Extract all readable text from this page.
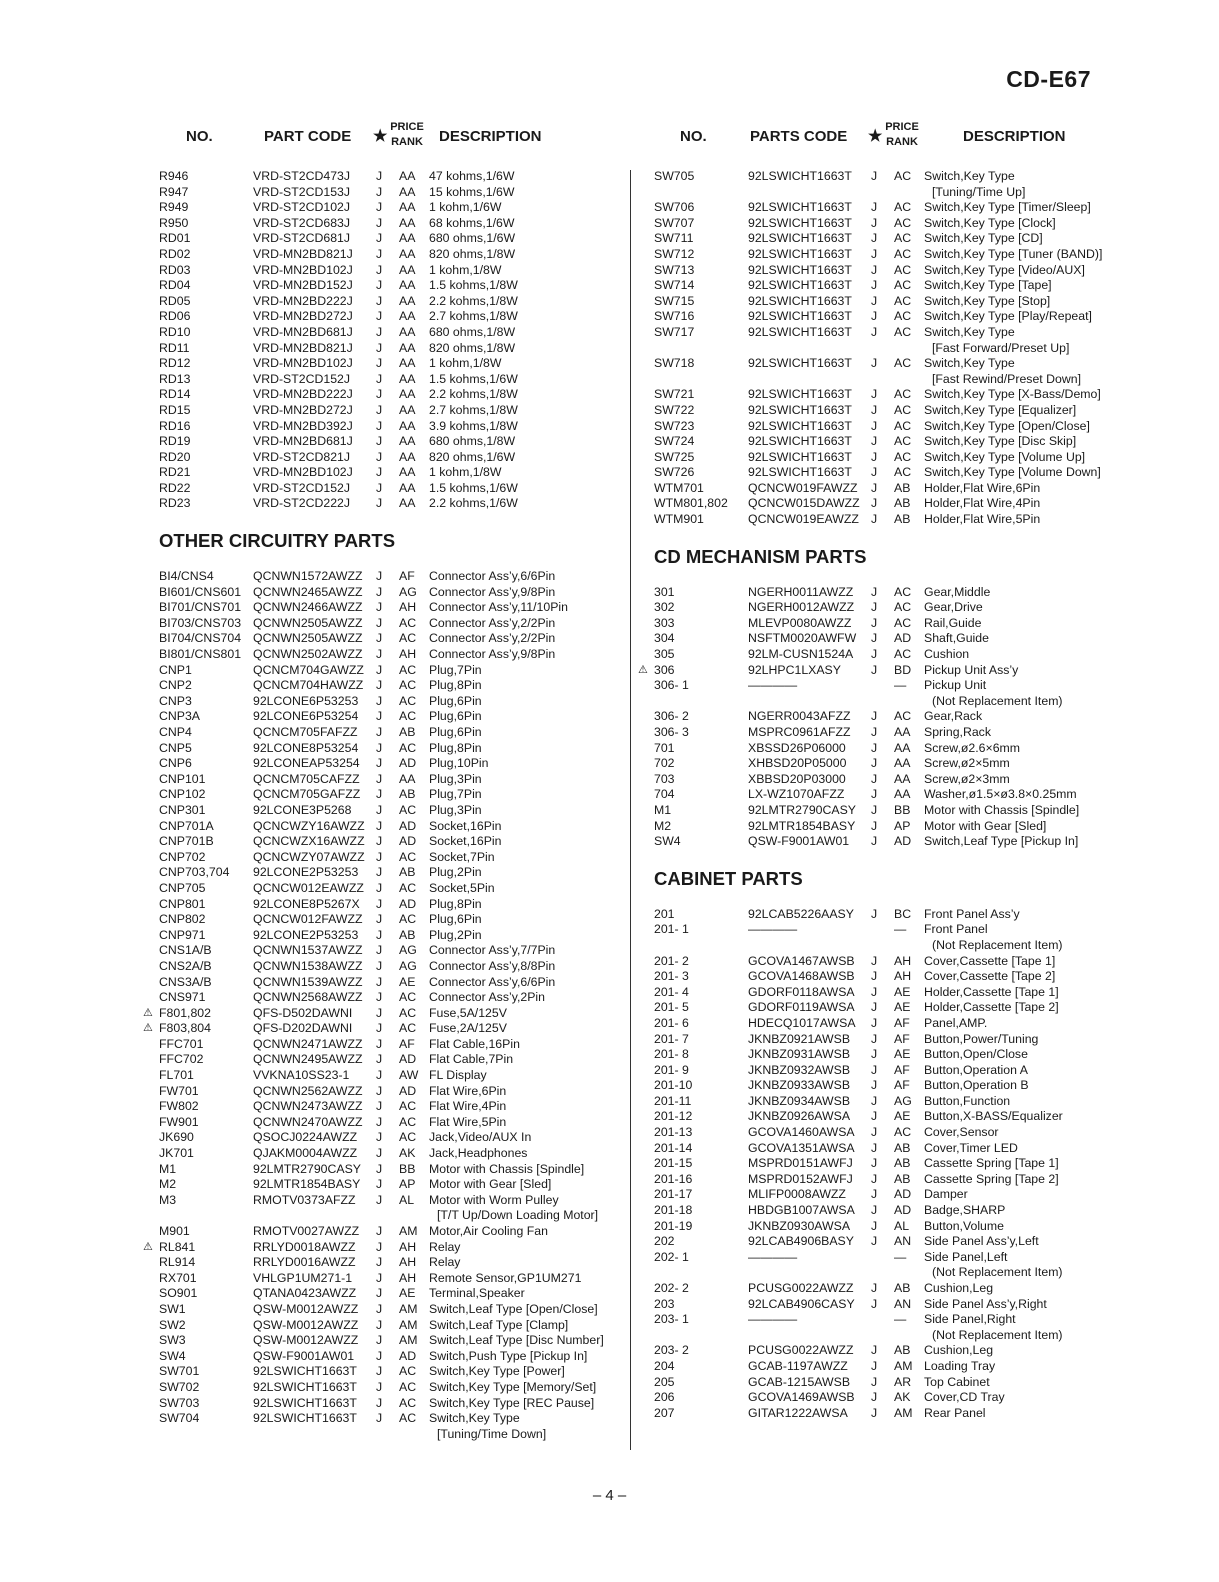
CD-E67
NO.	PART CODE ★
PRICE
RANK DESCRIPTION
R946	VRD-ST2CD473J J AA 47 kohms,1/6W
R947	VRD-ST2CD153J J AA 15 kohms,1/6W
R949	VRD-ST2CD102J J AA 1 kohm,1/6W
R950	VRD-ST2CD683J J AA 68 kohms,1/6W
RD01	VRD-ST2CD681J J AA 680 ohms,1/6W
RD02	VRD-MN2BD821J J AA 820 ohms,1/8W
RD03	VRD-MN2BD102J J AA 1 kohm,1/8W
RD04	VRD-MN2BD152J J AA 1.5 kohms,1/8W
RD05	VRD-MN2BD222J J AA 2.2 kohms,1/8W
RD06	VRD-MN2BD272J J AA 2.7 kohms,1/8W
RD10	VRD-MN2BD681J J AA 680 ohms,1/8W
RD11	VRD-MN2BD821J J AA 820 ohms,1/8W
RD12	VRD-MN2BD102J J AA 1 kohm,1/8W
RD13	VRD-ST2CD152J J AA 1.5 kohms,1/6W
RD14	VRD-MN2BD222J J AA 2.2 kohms,1/8W
RD15	VRD-MN2BD272J J AA 2.7 kohms,1/8W
RD16	VRD-MN2BD392J J AA 3.9 kohms,1/8W
RD19	VRD-MN2BD681J J AA 680 ohms,1/8W
RD20	VRD-ST2CD821J J AA 820 ohms,1/6W
RD21	VRD-MN2BD102J J AA 1 kohm,1/8W
RD22	VRD-ST2CD152J J AA 1.5 kohms,1/6W
RD23	VRD-ST2CD222J J AA 2.2 kohms,1/6W
OTHER CIRCUITRY PARTS
BI4/CNS4	QCNWN1572AWZZ J AF Connector Ass’y,6/6Pin
BI601/CNS601 QCNWN2465AWZZ J AG Connector Ass’y,9/8Pin
BI701/CNS701 QCNWN2466AWZZ J AH Connector Ass’y,11/10Pin
BI703/CNS703 QCNWN2505AWZZ J AC Connector Ass’y,2/2Pin
BI704/CNS704 QCNWN2505AWZZ J AC Connector Ass’y,2/2Pin
BI801/CNS801 QCNWN2502AWZZ J AH Connector Ass’y,9/8Pin
CNP1	QCNCM704GAWZZ J AC Plug,7Pin
CNP2	QCNCM704HAWZZ J AC Plug,8Pin
CNP3	92LCONE6P53253 J AC Plug,6Pin
CNP3A	92LCONE6P53254 J AC Plug,6Pin
CNP4	QCNCM705FAFZZ J AB Plug,6Pin
CNP5	92LCONE8P53254 J AC Plug,8Pin
CNP6	92LCONEAP53254 J AD Plug,10Pin
CNP101	QCNCM705CAFZZ J AA Plug,3Pin
CNP102	QCNCM705GAFZZ J AB Plug,7Pin
CNP301	92LCONE3P5268 J AC Plug,3Pin
CNP701A	QCNCWZY16AWZZ J AD Socket,16Pin
CNP701B	QCNCWZX16AWZZ J AD Socket,16Pin
CNP702	QCNCWZY07AWZZ J AC Socket,7Pin
CNP703,704 92LCONE2P53253 J AB Plug,2Pin
CNP705	QCNCW012EAWZZ J AC Socket,5Pin
CNP801	92LCONE8P5267X J AD Plug,8Pin
CNP802	QCNCW012FAWZZ J AC Plug,6Pin
CNP971	92LCONE2P53253 J AB Plug,2Pin
CNS1A/B	QCNWN1537AWZZ J AG Connector Ass’y,7/7Pin
CNS2A/B	QCNWN1538AWZZ J AG Connector Ass’y,8/8Pin
CNS3A/B	QCNWN1539AWZZ J AE Connector Ass’y,6/6Pin
CNS971	QCNWN2568AWZZ J AC Connector Ass’y,2Pin
⚠ F801,802	QFS-D502DAWNI J AC Fuse,5A/125V
⚠ F803,804	QFS-D202DAWNI J AC Fuse,2A/125V
FFC701	QCNWN2471AWZZ J AF Flat Cable,16Pin
FFC702	QCNWN2495AWZZ J AD Flat Cable,7Pin
FL701	VVKNA10SS23-1 J AW FL Display
FW701	QCNWN2562AWZZ J AD Flat Wire,6Pin
FW802	QCNWN2473AWZZ J AC Flat Wire,4Pin
FW901	QCNWN2470AWZZ J AC Flat Wire,5Pin
JK690	QSOCJ0224AWZZ J AC Jack,Video/AUX In
JK701	QJAKM0004AWZZ J AK Jack,Headphones
M1	92LMTR2790CASY J BB Motor with Chassis [Spindle]
M2	92LMTR1854BASY J AP Motor with Gear [Sled]
M3	RMOTV0373AFZZ J AL Motor with Worm Pulley
[T/T Up/Down Loading Motor]
M901	RMOTV0027AWZZ J AM Motor,Air Cooling Fan
⚠ RL841	RRLYD0018AWZZ J AH Relay
RL914	RRLYD0016AWZZ J AH Relay
RX701	VHLGP1UM271-1 J AH Remote Sensor,GP1UM271
SO901	QTANA0423AWZZ J AE Terminal,Speaker
SW1	QSW-M0012AWZZ J AM Switch,Leaf Type [Open/Close]
SW2	QSW-M0012AWZZ J AM Switch,Leaf Type [Clamp]
SW3	QSW-M0012AWZZ J AM Switch,Leaf Type [Disc Number]
SW4	QSW-F9001AW01 J AD Switch,Push Type [Pickup In]
SW701	92LSWICHT1663T J AC Switch,Key Type [Power]
SW702	92LSWICHT1663T J AC Switch,Key Type [Memory/Set]
SW703	92LSWICHT1663T J AC Switch,Key Type [REC Pause]
SW704	92LSWICHT1663T J AC Switch,Key Type
[Tuning/Time Down]
NO.	PARTS CODE ★
PRICE
RANK	DESCRIPTION
SW705	92LSWICHT1663T J AC Switch,Key Type
[Tuning/Time Up]
SW706	92LSWICHT1663T J AC Switch,Key Type [Timer/Sleep]
SW707	92LSWICHT1663T J AC Switch,Key Type [Clock]
SW711	92LSWICHT1663T J AC Switch,Key Type [CD]
SW712	92LSWICHT1663T J AC Switch,Key Type [Tuner (BAND)]
SW713	92LSWICHT1663T J AC Switch,Key Type [Video/AUX]
SW714	92LSWICHT1663T J AC Switch,Key Type [Tape]
SW715	92LSWICHT1663T J AC Switch,Key Type [Stop]
SW716	92LSWICHT1663T J AC Switch,Key Type [Play/Repeat]
SW717	92LSWICHT1663T J AC Switch,Key Type
[Fast Forward/Preset Up]
SW718	92LSWICHT1663T J AC Switch,Key Type
[Fast Rewind/Preset Down]
SW721	92LSWICHT1663T J AC Switch,Key Type [X-Bass/Demo]
SW722	92LSWICHT1663T J AC Switch,Key Type [Equalizer]
SW723	92LSWICHT1663T J AC Switch,Key Type [Open/Close]
SW724	92LSWICHT1663T J AC Switch,Key Type [Disc Skip]
SW725	92LSWICHT1663T J AC Switch,Key Type [Volume Up]
SW726	92LSWICHT1663T J AC Switch,Key Type [Volume Down]
WTM701	QCNCW019FAWZZ J AB Holder,Flat Wire,6Pin
WTM801,802 QCNCW015DAWZZ J AB Holder,Flat Wire,4Pin
WTM901	QCNCW019EAWZZ J AB Holder,Flat Wire,5Pin
CD MECHANISM PARTS
301	NGERH0011AWZZ J AC Gear,Middle
302	NGERH0012AWZZ J AC Gear,Drive
303	MLEVP0080AWZZ J AC Rail,Guide
304	NSFTM0020AWFW J AD Shaft,Guide
305	92LM-CUSN1524A J AC Cushion
⚠ 306	92LHPC1LXASY J BD Pickup Unit Ass’y
306- 1	————	— Pickup Unit
(Not Replacement Item)
306- 2	NGERR0043AFZZ J AC Gear,Rack
306- 3	MSPRC0961AFZZ J AA Spring,Rack
701	XBSSD26P06000 J AA Screw,ø2.6×6mm
702	XHBSD20P05000 J AA Screw,ø2×5mm
703	XBBSD20P03000 J AA Screw,ø2×3mm
704	LX-WZ1070AFZZ J AA Washer,ø1.5×ø3.8×0.25mm
M1	92LMTR2790CASY J BB Motor with Chassis [Spindle]
M2	92LMTR1854BASY J AP Motor with Gear [Sled]
SW4	QSW-F9001AW01 J AD Switch,Leaf Type [Pickup In]
CABINET PARTS
201	92LCAB5226AASY J BC Front Panel Ass’y
201- 1	————	— Front Panel
(Not Replacement Item)
201- 2	GCOVA1467AWSB J AH Cover,Cassette [Tape 1]
201- 3	GCOVA1468AWSB J AH Cover,Cassette [Tape 2]
201- 4	GDORF0118AWSA J AE Holder,Cassette [Tape 1]
201- 5	GDORF0119AWSA J AE Holder,Cassette [Tape 2]
201- 6	HDECQ1017AWSA J AF Panel,AMP.
201- 7	JKNBZ0921AWSB J AF Button,Power/Tuning
201- 8	JKNBZ0931AWSB J AE Button,Open/Close
201- 9	JKNBZ0932AWSB J AF Button,Operation A
201-10	JKNBZ0933AWSB J AF Button,Operation B
201-11	JKNBZ0934AWSB J AG Button,Function
201-12	JKNBZ0926AWSA J AE Button,X-BASS/Equalizer
201-13	GCOVA1460AWSA J AC Cover,Sensor
201-14	GCOVA1351AWSA J AB Cover,Timer LED
201-15	MSPRD0151AWFJ J AB Cassette Spring [Tape 1]
201-16	MSPRD0152AWFJ J AB Cassette Spring [Tape 2]
201-17	MLIFP0008AWZZ J AD Damper
201-18	HBDGB1007AWSA J AD Badge,SHARP
201-19	JKNBZ0930AWSA J AL Button,Volume
202	92LCAB4906BASY J AN Side Panel Ass’y,Left
202- 1	————	— Side Panel,Left
(Not Replacement Item)
202- 2	PCUSG0022AWZZ J AB Cushion,Leg
203	92LCAB4906CASY J AN Side Panel Ass’y,Right
203- 1	————	— Side Panel,Right
(Not Replacement Item)
203- 2	PCUSG0022AWZZ J AB Cushion,Leg
204	GCAB-1197AWZZ J AM Loading Tray
205	GCAB-1215AWSB J AR Top Cabinet
206	GCOVA1469AWSB J AK Cover,CD Tray
207	GITAR1222AWSA J AM Rear Panel
– 4 –
